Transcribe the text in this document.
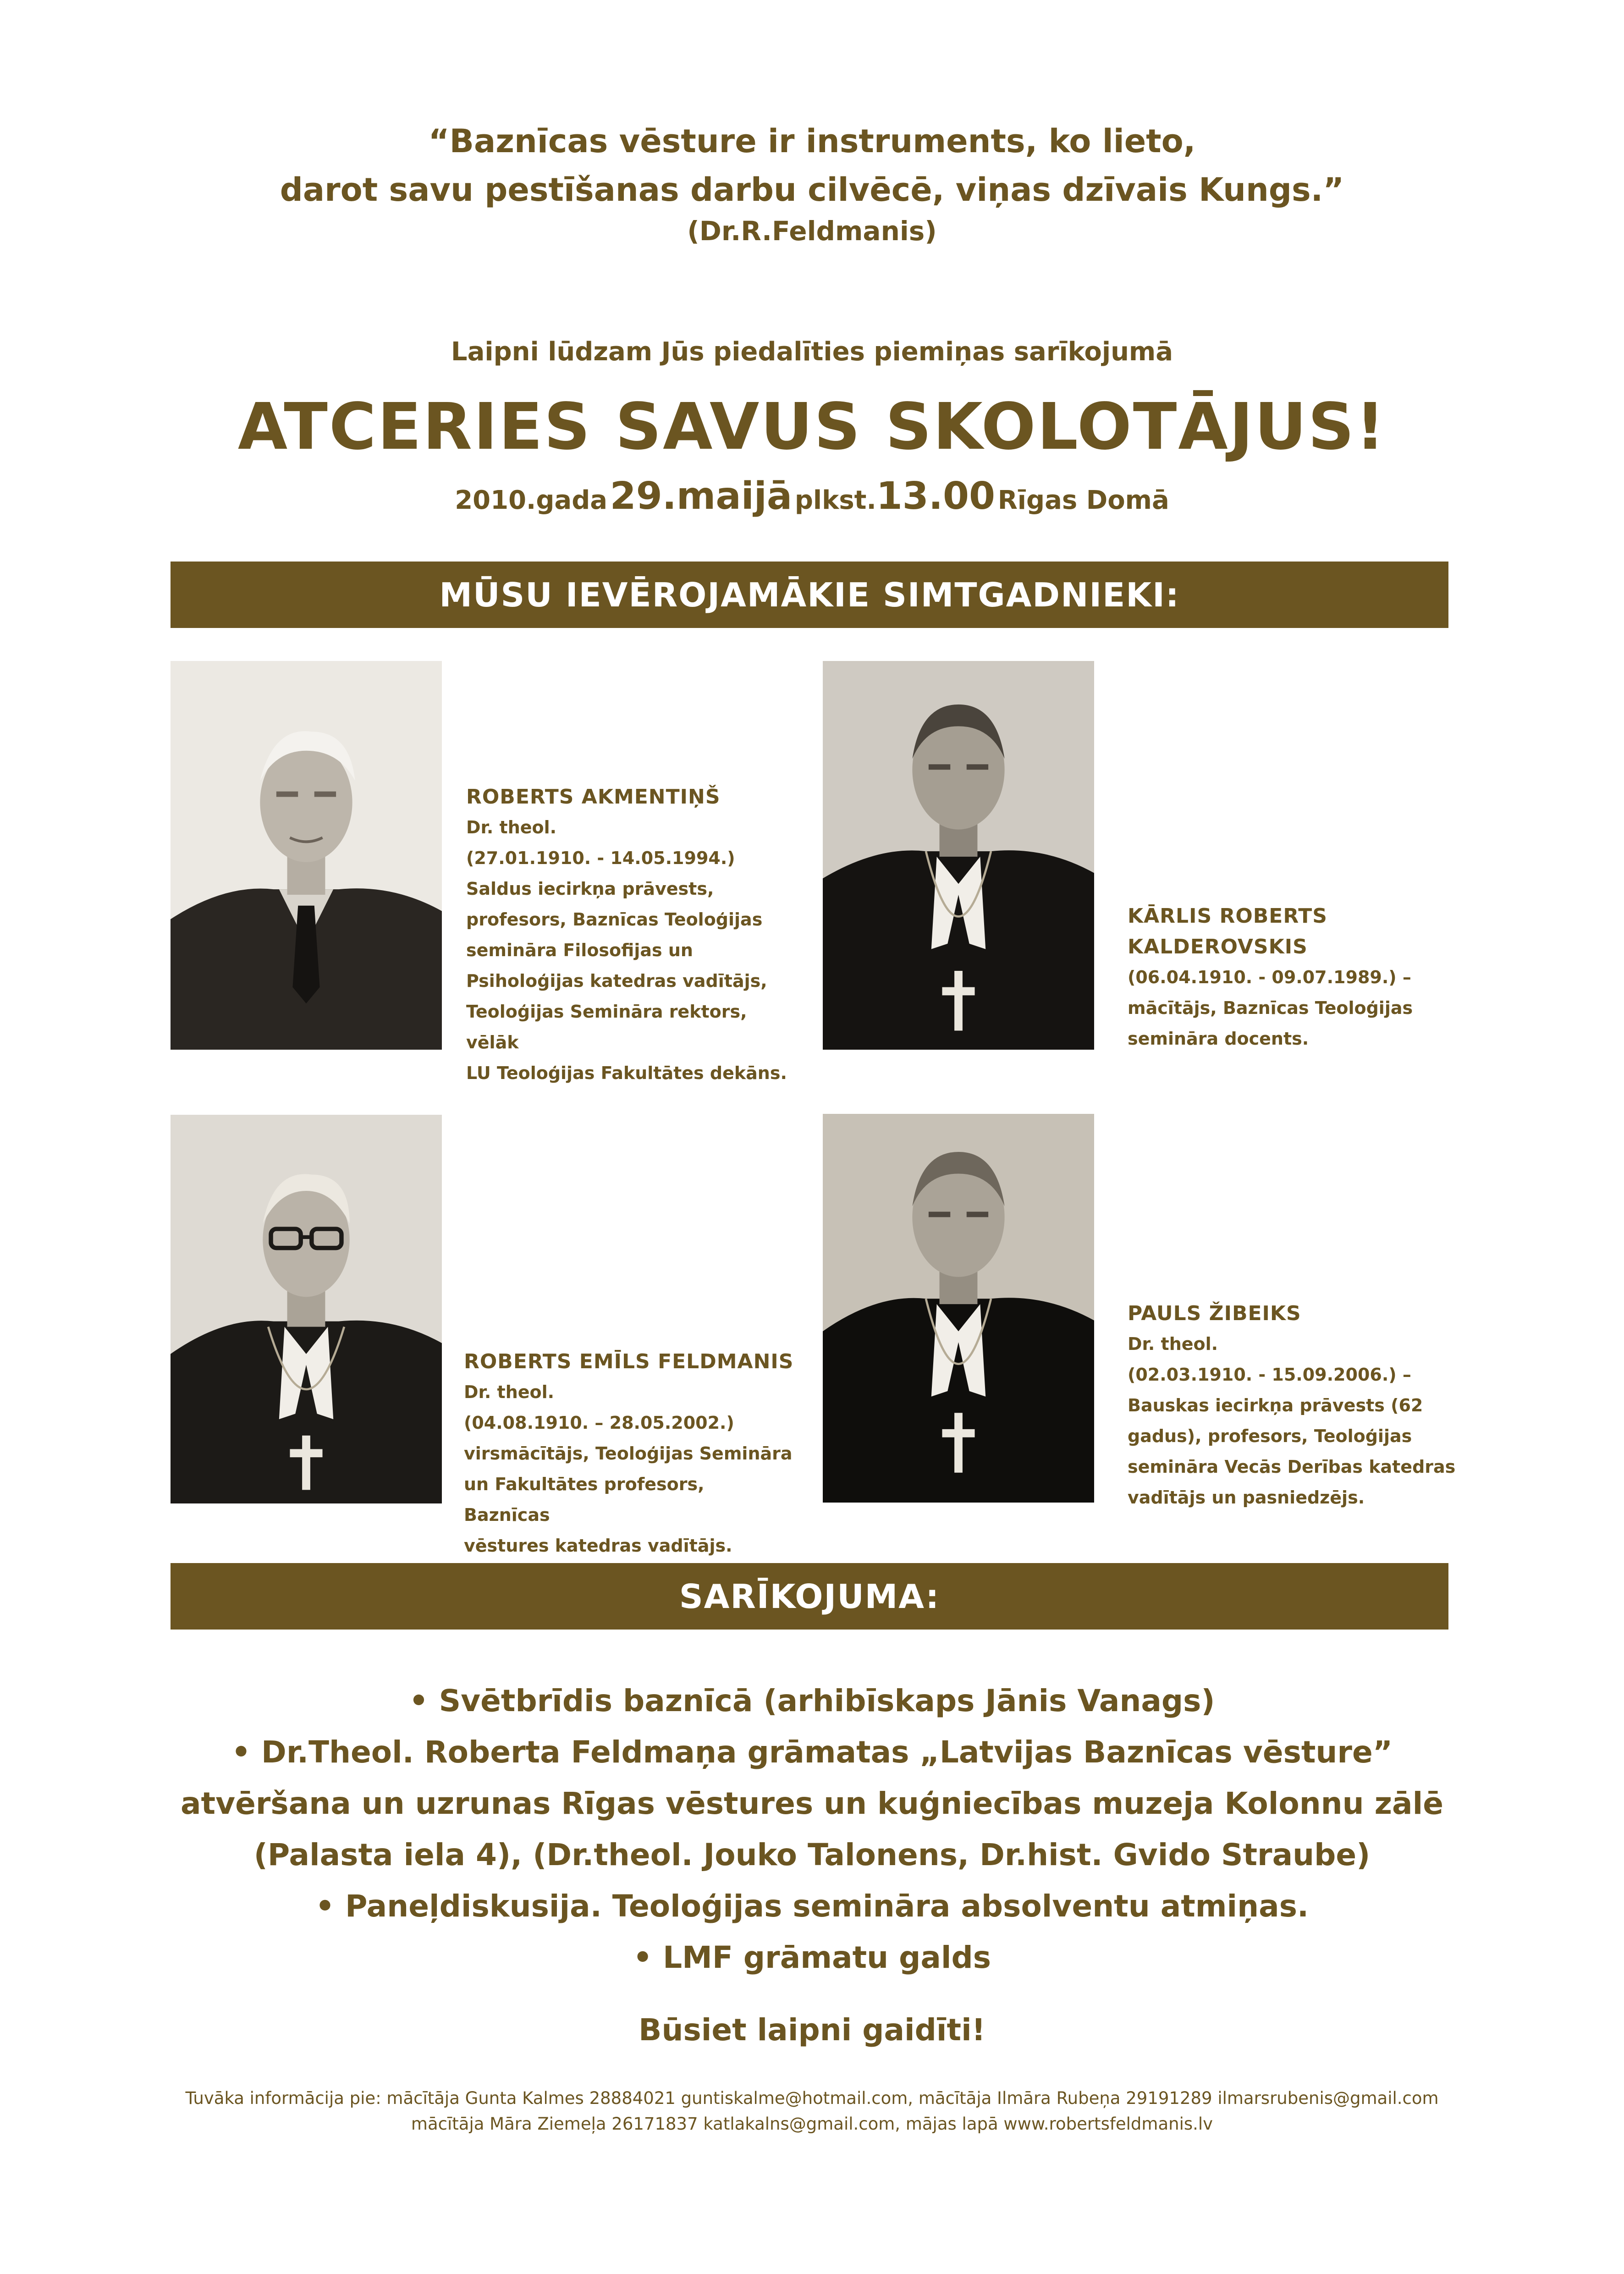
“Baznīcas vēsture ir instruments, ko lieto,
darot savu pestīšanas darbu cilvēcē, viņas dzīvais Kungs.”
(Dr.R.Feldmanis)
Laipni lūdzam Jūs piedalīties piemiņas sarīkojumā
ATCERIES SAVUS SKOLOTĀJUS!
2010.gada 29.maijā plkst.13.00 Rīgas Domā
MŪSU IEVĒROJAMĀKIE SIMTGADNIEKI:
ROBERTS AKMENTIŅŠ
Dr. theol.
(27.01.1910. - 14.05.1994.)
Saldus iecirkņa prāvests,
profesors, Baznīcas Teoloģijas
semināra Filosofijas un
Psiholoģijas katedras vadītājs,
Teoloģijas Semināra rektors, vēlāk
LU Teoloģijas Fakultātes dekāns.
KĀRLIS ROBERTS
KALDEROVSKIS
(06.04.1910. - 09.07.1989.) –
mācītājs, Baznīcas Teoloģijas
semināra docents.
ROBERTS EMĪLS FELDMANIS
Dr. theol.
(04.08.1910. – 28.05.2002.)
virsmācītājs, Teoloģijas Semināra
un Fakultātes profesors, Baznīcas
vēstures katedras vadītājs.
PAULS ŽIBEIKS
Dr. theol.
(02.03.1910. - 15.09.2006.) –
Bauskas iecirkņa prāvests (62
gadus), profesors, Teoloģijas
semināra Vecās Derības katedras
vadītājs un pasniedzējs.
SARĪKOJUMA:
• Svētbrīdis baznīcā (arhibīskaps Jānis Vanags)
• Dr.Theol. Roberta Feldmaņa grāmatas „Latvijas Baznīcas vēsture”
atvēršana un uzrunas Rīgas vēstures un kuģniecības muzeja Kolonnu zālē
(Palasta iela 4), (Dr.theol. Jouko Talonens, Dr.hist. Gvido Straube)
• Paneļdiskusija. Teoloģijas semināra absolventu atmiņas.
• LMF grāmatu galds
Būsiet laipni gaidīti!
Tuvāka informācija pie: mācītāja Gunta Kalmes 28884021 guntiskalme@hotmail.com, mācītāja Ilmāra Rubeņa 29191289 ilmarsrubenis@gmail.com
mācītāja Māra Ziemeļa 26171837 katlakalns@gmail.com, mājas lapā www.robertsfeldmanis.lv
